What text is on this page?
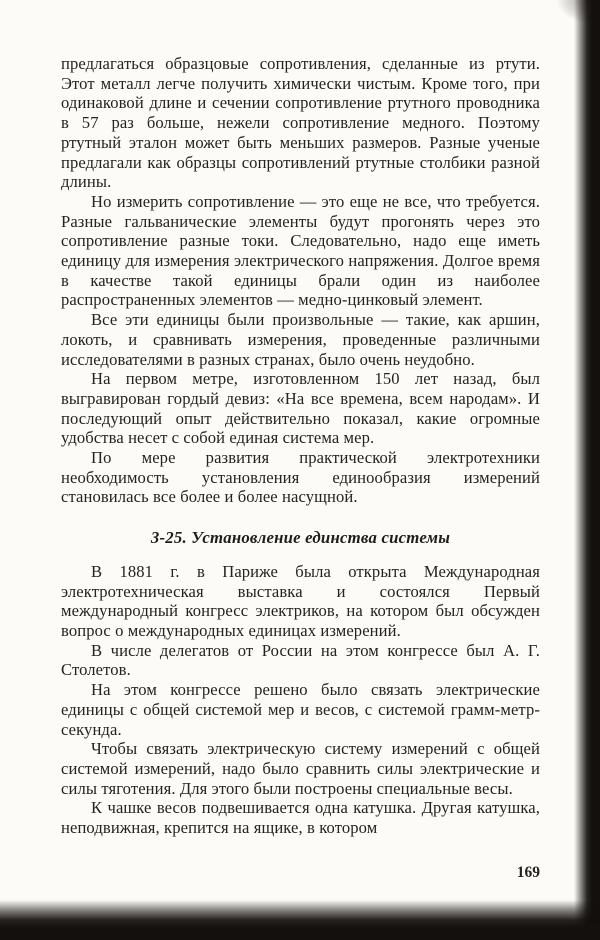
предлагаться образцовые сопротивления, сделанные из ртути. Этот металл легче получить химически чистым. Кроме того, при одинаковой длине и сечении сопротивление ртутного проводника в 57 раз больше, нежели сопротивление медного. Поэтому ртутный эталон может быть меньших размеров. Разные ученые предлагали как образцы сопротивлений ртутные столбики разной длины.

Но измерить сопротивление — это еще не все, что требуется. Разные гальванические элементы будут прогонять через это сопротивление разные токи. Следовательно, надо еще иметь единицу для измерения электрического напряжения. Долгое время в качестве такой единицы брали один из наиболее распространенных элементов — медно-цинковый элемент.

Все эти единицы были произвольные — такие, как аршин, локоть, и сравнивать измерения, проведенные различными исследователями в разных странах, было очень неудобно.

На первом метре, изготовленном 150 лет назад, был выгравирован гордый девиз: «На все времена, всем народам». И последующий опыт действительно показал, какие огромные удобства несет с собой единая система мер.

По мере развития практической электротехники необходимость установления единообразия измерений становилась все более и более насущной.

3-25. Установление единства системы

В 1881 г. в Париже была открыта Международная электротехническая выставка и состоялся Первый международный конгресс электриков, на котором был обсужден вопрос о международных единицах измерений.

В числе делегатов от России на этом конгрессе был А. Г. Столетов.

На этом конгрессе решено было связать электрические единицы с общей системой мер и весов, с системой грамм-метр-секунда.

Чтобы связать электрическую систему измерений с общей системой измерений, надо было сравнить силы электрические и силы тяготения. Для этого были построены специальные весы.

К чашке весов подвешивается одна катушка. Другая катушка, неподвижная, крепится на ящике, в котором

169
